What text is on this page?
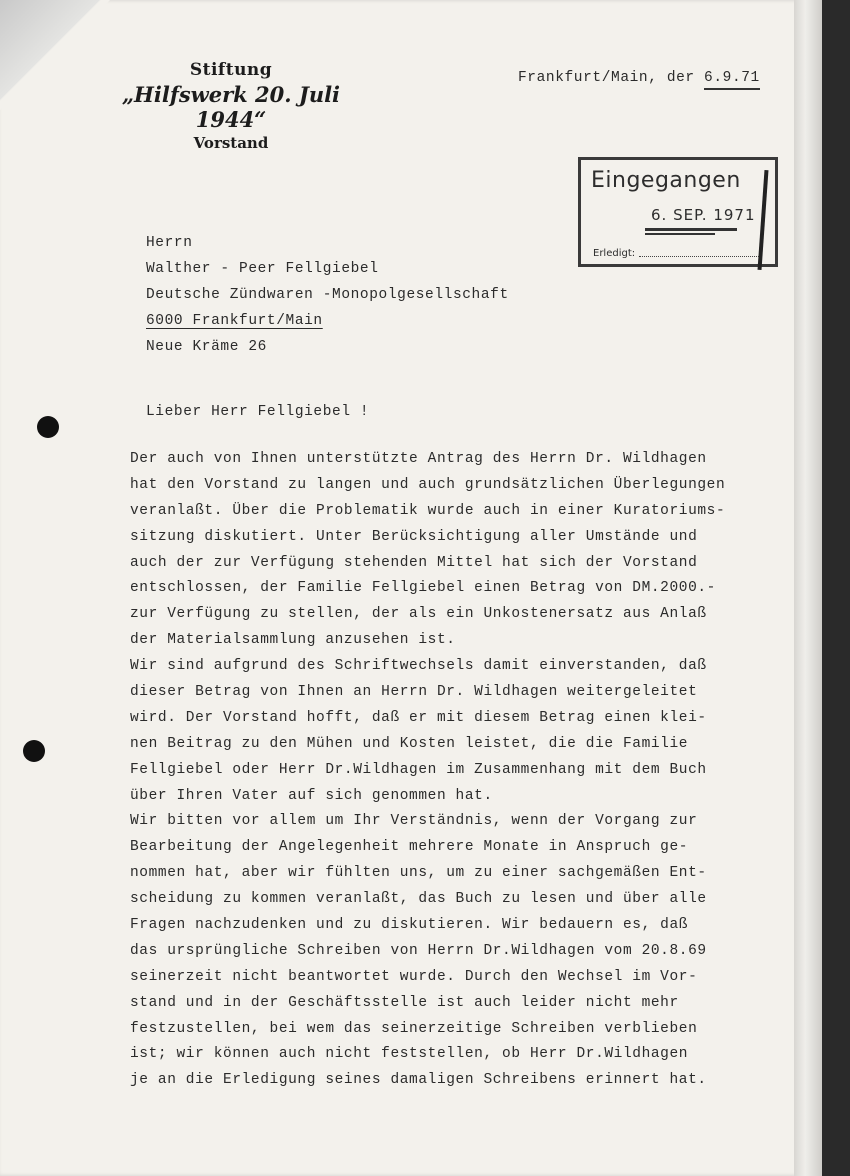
Stiftung
„Hilfswerk 20. Juli 1944“
Vorstand
Frankfurt/Main, der 6.9.71
Eingegangen
6. SEP. 1971
Erledigt:
Herrn
Walther - Peer Fellgiebel
Deutsche Zündwaren -Monopolgesellschaft
6000 Frankfurt/Main
Neue Kräme 26
Lieber Herr Fellgiebel !
Der auch von Ihnen unterstützte Antrag des Herrn Dr. Wildhagen
hat den Vorstand zu langen und auch grundsätzlichen Überlegungen
veranlaßt. Über die Problematik wurde auch in einer Kuratoriums-
sitzung diskutiert. Unter Berücksichtigung aller Umstände und
auch der zur Verfügung stehenden Mittel hat sich der Vorstand
entschlossen, der Familie Fellgiebel einen Betrag von DM.2000.-
zur Verfügung zu stellen, der als ein Unkostenersatz aus Anlaß
der Materialsammlung anzusehen ist.
Wir sind aufgrund des Schriftwechsels damit einverstanden, daß
dieser Betrag von Ihnen an Herrn Dr. Wildhagen weitergeleitet
wird. Der Vorstand hofft, daß er mit diesem Betrag einen klei-
nen Beitrag zu den Mühen und Kosten leistet, die die Familie
Fellgiebel oder Herr Dr.Wildhagen im Zusammenhang mit dem Buch
über Ihren Vater auf sich genommen hat.
Wir bitten vor allem um Ihr Verständnis, wenn der Vorgang zur
Bearbeitung der Angelegenheit mehrere Monate in Anspruch ge-
nommen hat, aber wir fühlten uns, um zu einer sachgemäßen Ent-
scheidung zu kommen veranlaßt, das Buch zu lesen und über alle
Fragen nachzudenken und zu diskutieren. Wir bedauern es, daß
das ursprüngliche Schreiben von Herrn Dr.Wildhagen vom 20.8.69
seinerzeit nicht beantwortet wurde. Durch den Wechsel im Vor-
stand und in der Geschäftsstelle ist auch leider nicht mehr
festzustellen, bei wem das seinerzeitige Schreiben verblieben
ist; wir können auch nicht feststellen, ob Herr Dr.Wildhagen
je an die Erledigung seines damaligen Schreibens erinnert hat.
